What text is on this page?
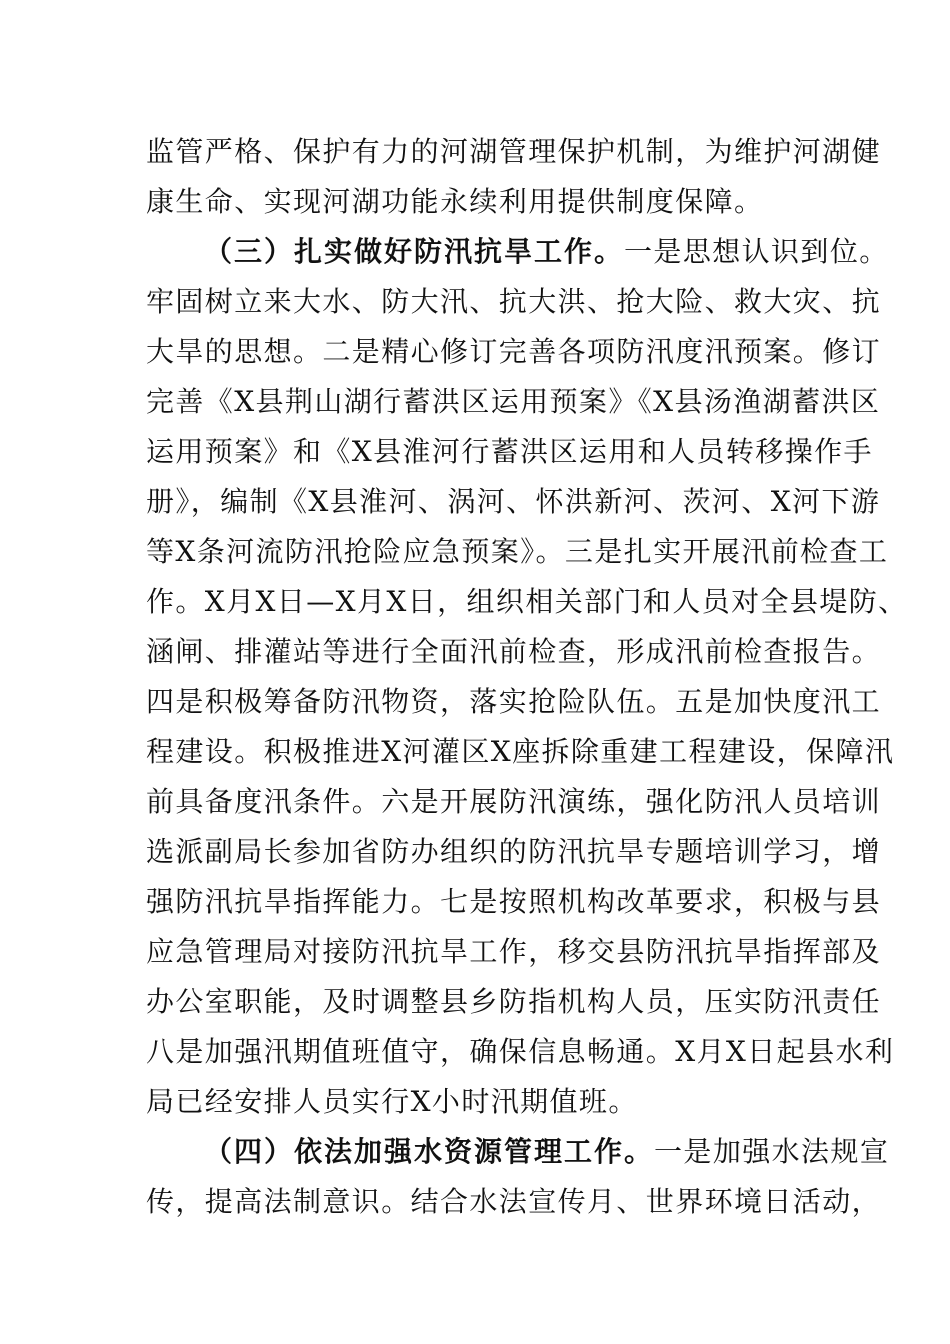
监管严格、保护有力的河湖管理保护机制，为维护河湖健
康生命、实现河湖功能永续利用提供制度保障。
（三）扎实做好防汛抗旱工作。一是思想认识到位。
牢固树立来大水、防大汛、抗大洪、抢大险、救大灾、抗
大旱的思想。二是精心修订完善各项防汛度汛预案。修订
完善《X县荆山湖行蓄洪区运用预案》《X县汤渔湖蓄洪区
运用预案》和《X县淮河行蓄洪区运用和人员转移操作手
册》，编制《X县淮河、涡河、怀洪新河、茨河、X河下游
等X条河流防汛抢险应急预案》。三是扎实开展汛前检查工
作。X月X日—X月X日，组织相关部门和人员对全县堤防、
涵闸、排灌站等进行全面汛前检查，形成汛前检查报告。
四是积极筹备防汛物资，落实抢险队伍。五是加快度汛工
程建设。积极推进X河灌区X座拆除重建工程建设，保障汛
前具备度汛条件。六是开展防汛演练，强化防汛人员培训
选派副局长参加省防办组织的防汛抗旱专题培训学习，增
强防汛抗旱指挥能力。七是按照机构改革要求，积极与县
应急管理局对接防汛抗旱工作，移交县防汛抗旱指挥部及
办公室职能，及时调整县乡防指机构人员，压实防汛责任
八是加强汛期值班值守，确保信息畅通。X月X日起县水利
局已经安排人员实行X小时汛期值班。
（四）依法加强水资源管理工作。一是加强水法规宣
传，提高法制意识。结合水法宣传月、世界环境日活动，
